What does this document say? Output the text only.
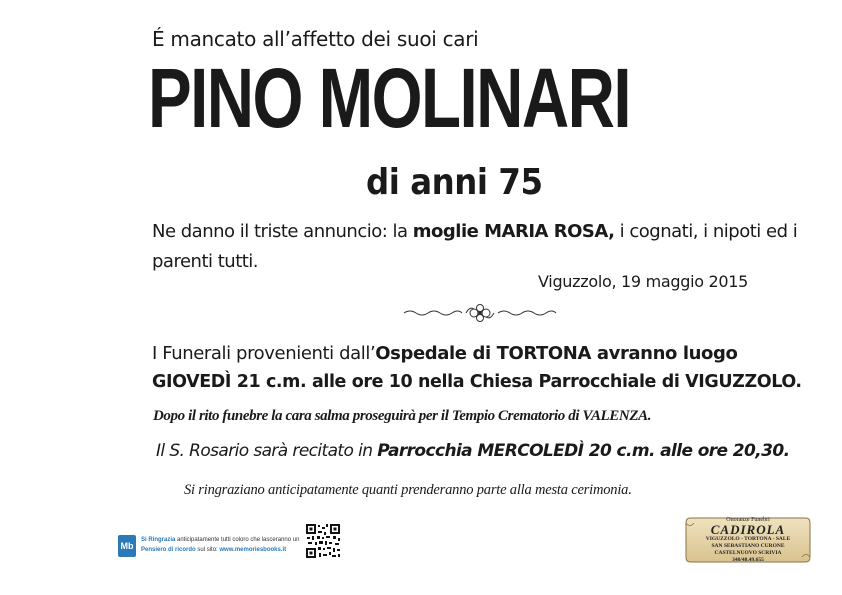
É mancato all’affetto dei suoi cari
PINO MOLINARI
di anni 75
Ne danno il triste annuncio: la moglie MARIA ROSA, i cognati, i nipoti ed i parenti tutti.
Viguzzolo, 19 maggio 2015
I Funerali provenienti dall’Ospedale di TORTONA avranno luogo
GIOVEDÌ 21 c.m. alle ore 10 nella Chiesa Parrocchiale di VIGUZZOLO.
Dopo il rito funebre la cara salma proseguirà per il Tempio Crematorio di VALENZA.
Il S. Rosario sarà recitato in Parrocchia MERCOLEDÌ 20 c.m. alle ore 20,30.
Si ringraziano anticipatamente quanti prenderanno parte alla mesta cerimonia.
Mb
Si Ringrazia anticipatamente tutti coloro che lasceranno un
Pensiero di ricordo sul sito: www.memoriesbooks.it
Onoranze Funebri
CADIROLA
VIGUZZOLO - TORTONA - SALE
SAN SEBASTIANO CURONE
CASTELNUOVO SCRIVIA
340/48.49.655
